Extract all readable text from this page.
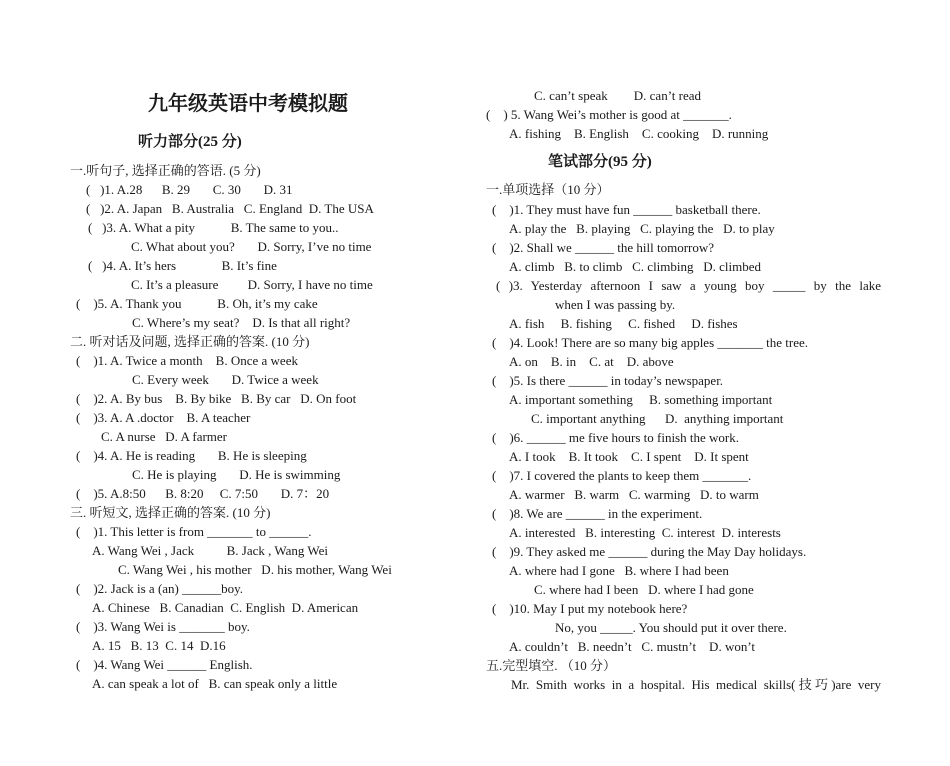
九年级英语中考模拟题
听力部分(25 分)
一.听句子, 选择正确的答语. (5 分)
(   )1. A.28      B. 29       C. 30       D. 31
(   )2. A. Japan   B. Australia   C. England  D. The USA
(   )3. A. What a pity           B. The same to you..
C. What about you?       D. Sorry, I’ve no time
(   )4. A. It’s hers              B. It’s fine
C. It’s a pleasure         D. Sorry, I have no time
(    )5. A. Thank you           B. Oh, it’s my cake
C. Where’s my seat?    D. Is that all right?
二. 听对话及问题, 选择正确的答案. (10 分)
(    )1. A. Twice a month    B. Once a week
C. Every week       D. Twice a week
(    )2. A. By bus    B. By bike   B. By car   D. On foot
(    )3. A. A .doctor    B. A teacher
C. A nurse   D. A farmer
(    )4. A. He is reading       B. He is sleeping
C. He is playing       D. He is swimming
(    )5. A.8:50      B. 8:20     C. 7:50       D. 7：20
三. 听短文, 选择正确的答案. (10 分)
(    )1. This letter is from _______ to ______.
A. Wang Wei , Jack          B. Jack , Wang Wei
C. Wang Wei , his mother   D. his mother, Wang Wei
(    )2. Jack is a (an) ______boy.
A. Chinese   B. Canadian  C. English  D. American
(    )3. Wang Wei is _______ boy.
A. 15   B. 13  C. 14  D.16
(    )4. Wang Wei ______ English.
A. can speak a lot of   B. can speak only a little
C. can’t speak        D. can’t read
(    ) 5. Wang Wei’s mother is good at _______.
A. fishing    B. English    C. cooking    D. running
笔试部分(95 分)
一.单项选择（10 分）
(    )1. They must have fun ______ basketball there.
A. play the   B. playing   C. playing the   D. to play
(    )2. Shall we ______ the hill tomorrow?
A. climb   B. to climb   C. climbing   D. climbed
( )3. Yesterday afternoon I saw a young boy _____ by the lake
when I was passing by.
A. fish     B. fishing     C. fished     D. fishes
(    )4. Look! There are so many big apples _______ the tree.
A. on    B. in    C. at    D. above
(    )5. Is there ______ in today’s newspaper.
A. important something     B. something important
C. important anything      D.  anything important
(    )6. ______ me five hours to finish the work.
A. I took    B. It took    C. I spent    D. It spent
(    )7. I covered the plants to keep them _______.
A. warmer   B. warm   C. warming   D. to warm
(    )8. We are ______ in the experiment.
A. interested   B. interesting  C. interest  D. interests
(    )9. They asked me ______ during the May Day holidays.
A. where had I gone   B. where I had been
C. where had I been   D. where I had gone
(    )10. May I put my notebook here?
No, you _____. You should put it over there.
A. couldn’t   B. needn’t   C. mustn’t    D. won’t
五.完型填空. （10 分）
Mr. Smith works in a hospital. His medical skills(技巧)are very
